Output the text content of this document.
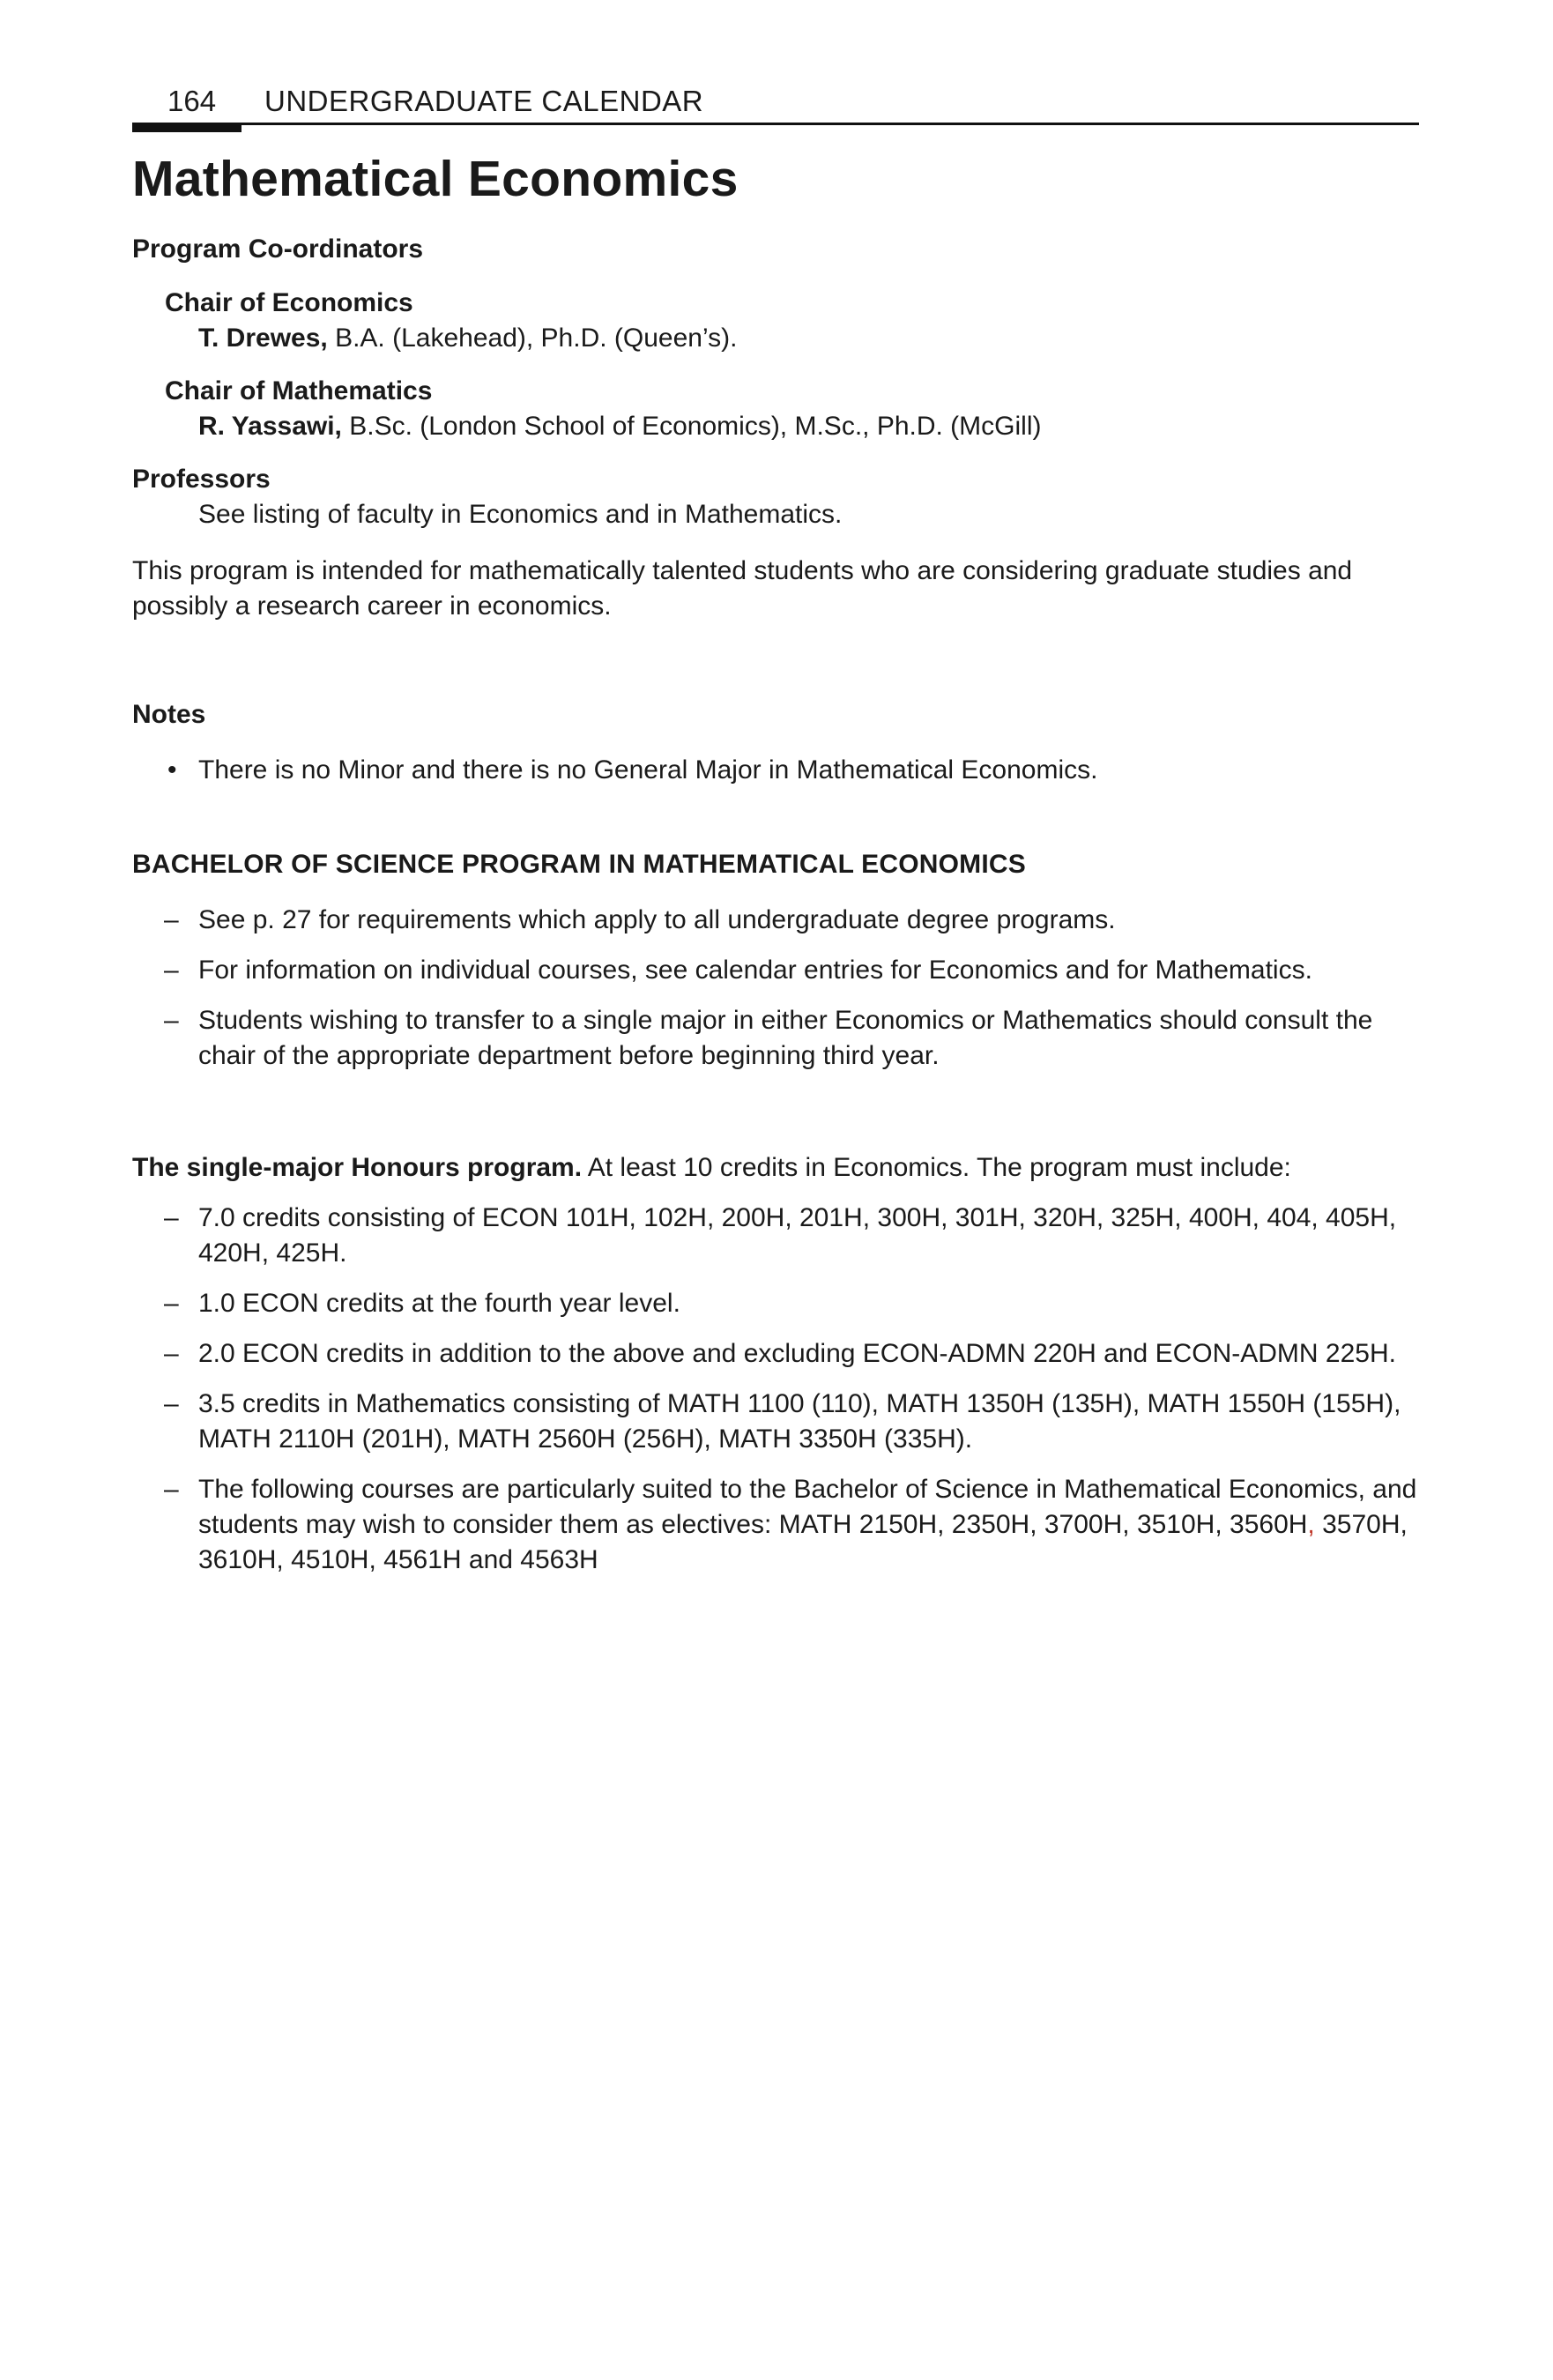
164 UNDERGRADUATE CALENDAR
Mathematical Economics
Program Co-ordinators
Chair of Economics
T. Drewes, B.A. (Lakehead), Ph.D. (Queen’s).
Chair of Mathematics
R. Yassawi, B.Sc. (London School of Economics), M.Sc., Ph.D. (McGill)
Professors
See listing of faculty in Economics and in Mathematics.
This program is intended for mathematically talented students who are considering graduate studies and possibly a research career in economics.
Notes
• There is no Minor and there is no General Major in Mathematical Economics.
BACHELOR OF SCIENCE PROGRAM IN MATHEMATICAL ECONOMICS
– See p. 27 for requirements which apply to all undergraduate degree programs.
– For information on individual courses, see calendar entries for Economics and for Mathematics.
– Students wishing to transfer to a single major in either Economics or Mathematics should consult the chair of the appropriate department before beginning third year.
The single-major Honours program. At least 10 credits in Economics. The program must include:
– 7.0 credits consisting of ECON 101H, 102H, 200H, 201H, 300H, 301H, 320H, 325H, 400H, 404, 405H, 420H, 425H.
– 1.0 ECON credits at the fourth year level.
– 2.0 ECON credits in addition to the above and excluding ECON-ADMN 220H and ECON-ADMN 225H.
– 3.5 credits in Mathematics consisting of MATH 1100 (110), MATH 1350H (135H), MATH 1550H (155H), MATH 2110H (201H), MATH 2560H (256H), MATH 3350H (335H).
– The following courses are particularly suited to the Bachelor of Science in Mathematical Economics, and students may wish to consider them as electives: MATH 2150H, 2350H, 3700H, 3510H, 3560H, 3570H, 3610H, 4510H, 4561H and 4563H
